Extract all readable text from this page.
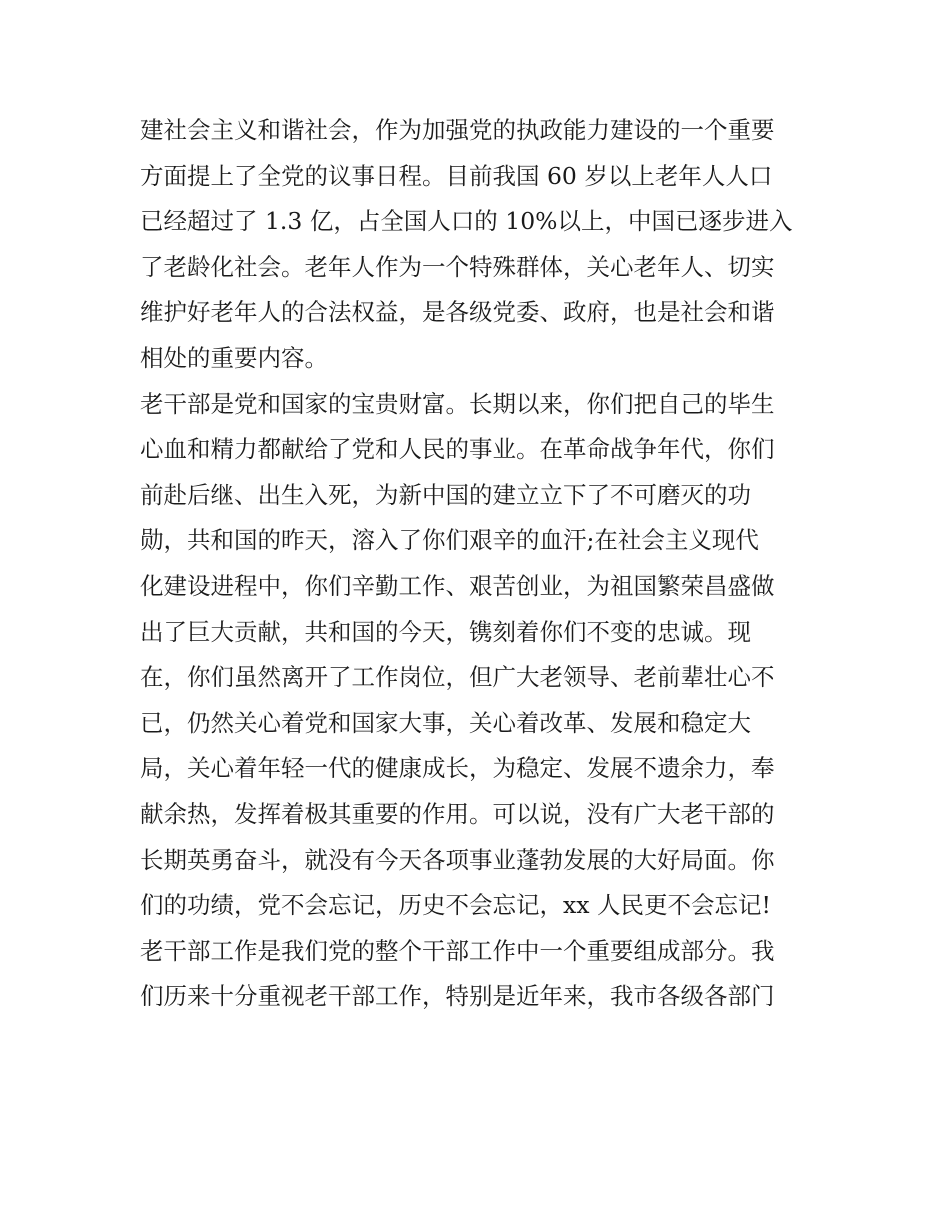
建社会主义和谐社会，作为加强党的执政能力建设的一个重要
方面提上了全党的议事日程。目前我国 60 岁以上老年人人口
已经超过了 1.3 亿，占全国人口的 10%以上，中国已逐步进入
了老龄化社会。老年人作为一个特殊群体，关心老年人、切实
维护好老年人的合法权益，是各级党委、政府，也是社会和谐
相处的重要内容。
老干部是党和国家的宝贵财富。长期以来，你们把自己的毕生
心血和精力都献给了党和人民的事业。在革命战争年代，你们
前赴后继、出生入死，为新中国的建立立下了不可磨灭的功
勋，共和国的昨天，溶入了你们艰辛的血汗;在社会主义现代
化建设进程中，你们辛勤工作、艰苦创业，为祖国繁荣昌盛做
出了巨大贡献，共和国的今天，镌刻着你们不变的忠诚。现
在，你们虽然离开了工作岗位，但广大老领导、老前辈壮心不
已，仍然关心着党和国家大事，关心着改革、发展和稳定大
局，关心着年轻一代的健康成长，为稳定、发展不遗余力，奉
献余热，发挥着极其重要的作用。可以说，没有广大老干部的
长期英勇奋斗，就没有今天各项事业蓬勃发展的大好局面。你
们的功绩，党不会忘记，历史不会忘记，xx 人民更不会忘记!
老干部工作是我们党的整个干部工作中一个重要组成部分。我
们历来十分重视老干部工作，特别是近年来，我市各级各部门
